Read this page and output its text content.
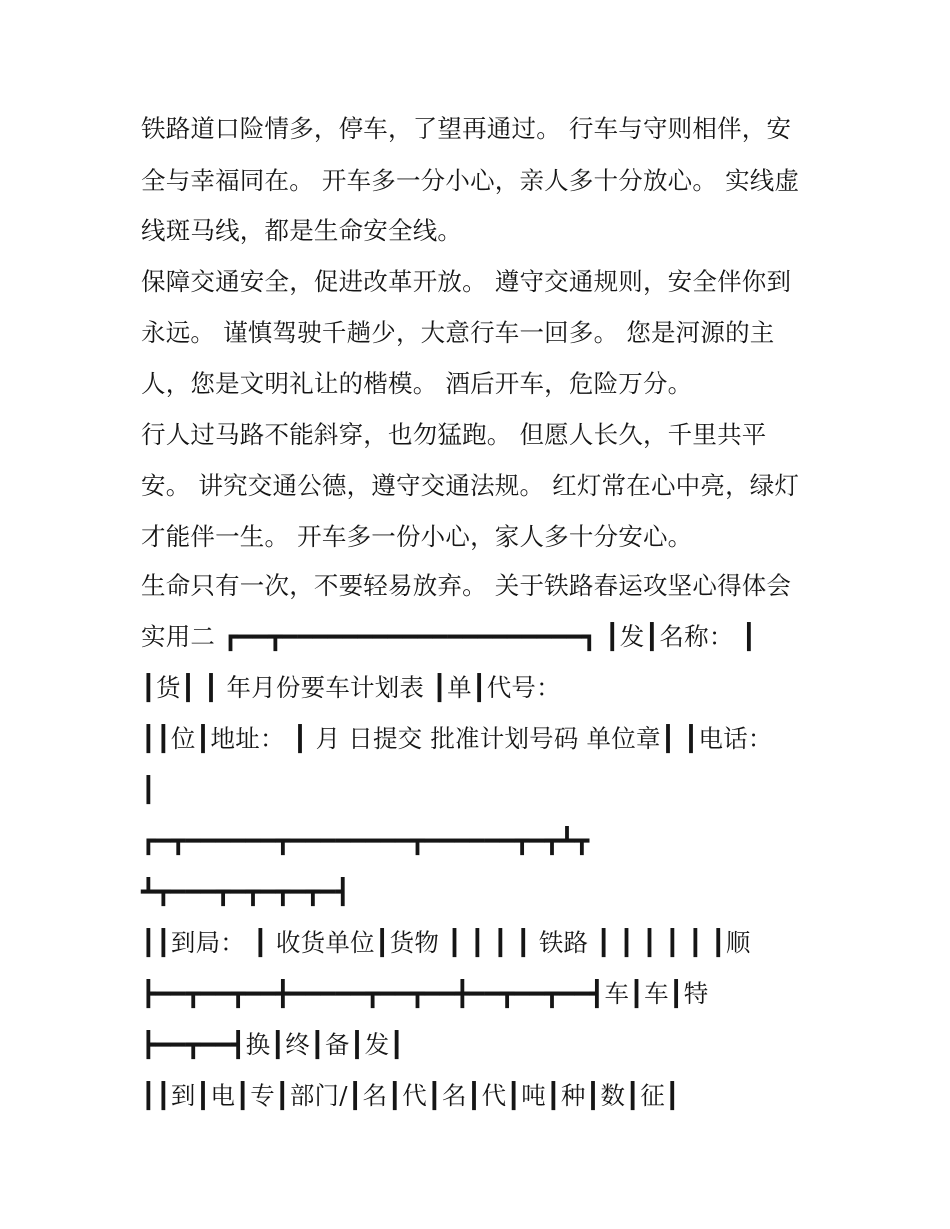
铁路道口险情多，停车，了望再通过。 行车与守则相伴，安
全与幸福同在。 开车多一分小心，亲人多十分放心。 实线虚
线斑马线，都是生命安全线。
保障交通安全，促进改革开放。 遵守交通规则，安全伴你到
永远。 谨慎驾驶千趟少，大意行车一回多。 您是河源的主
人，您是文明礼让的楷模。 酒后开车，危险万分。
行人过马路不能斜穿，也勿猛跑。 但愿人长久，千里共平
安。 讲究交通公德，遵守交通法规。 红灯常在心中亮，绿灯
才能伴一生。 开车多一份小心，家人多十分安心。
生命只有一次，不要轻易放弃。 关于铁路春运攻坚心得体会
实用二 ┏━━┳━━━━━━━━━━━━━━━━━━━━┓ ┃发┃名称： ┃
┃货┃ ┃ 年月份要车计划表 ┃单┃代号：
┃┃位┃地址： ┃ 月 日提交 批准计划号码 单位章┃ ┃电话：
┃
┏━┳━━━━━━┳━━━━━━━━┳━━━━━━┳━┳┻┳
┻┳━━━┳━┳━┳━┳━┫
┃┃到局： ┃ 收货单位┃货物 ┃ ┃ ┃ ┃ 铁路 ┃ ┃ ┃ ┃ ┃ ┃顺
┣━━┳━━┳━━╋━━━━━┳━━┳━━╋━━┳━━┳━━┫车┃车┃特
┣━━┳━━┫换┃终┃备┃发┃
┃┃到┃电┃专┃部门/┃名┃代┃名┃代┃吨┃种┃数┃征┃
